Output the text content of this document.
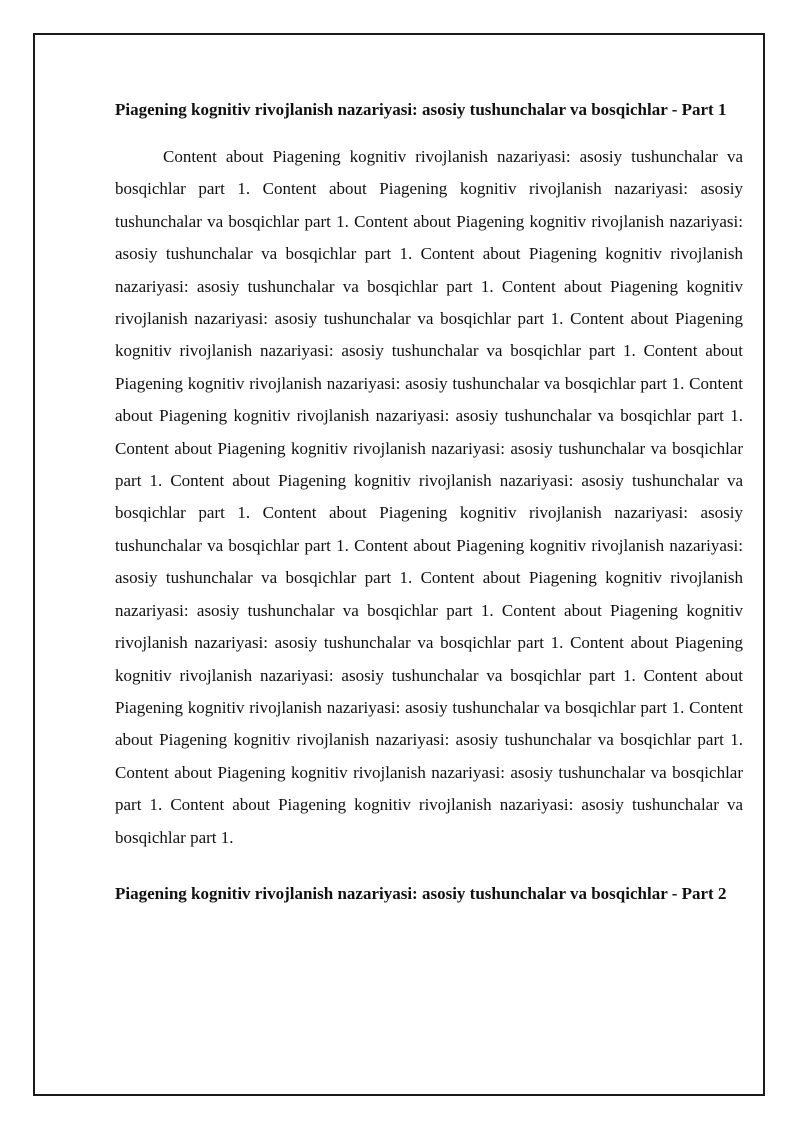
Piagening kognitiv rivojlanish nazariyasi: asosiy tushunchalar va bosqichlar - Part 1

Content about Piagening kognitiv rivojlanish nazariyasi: asosiy tushunchalar va bosqichlar part 1. Content about Piagening kognitiv rivojlanish nazariyasi: asosiy tushunchalar va bosqichlar part 1. Content about Piagening kognitiv rivojlanish nazariyasi: asosiy tushunchalar va bosqichlar part 1. Content about Piagening kognitiv rivojlanish nazariyasi: asosiy tushunchalar va bosqichlar part 1. Content about Piagening kognitiv rivojlanish nazariyasi: asosiy tushunchalar va bosqichlar part 1. Content about Piagening kognitiv rivojlanish nazariyasi: asosiy tushunchalar va bosqichlar part 1. Content about Piagening kognitiv rivojlanish nazariyasi: asosiy tushunchalar va bosqichlar part 1. Content about Piagening kognitiv rivojlanish nazariyasi: asosiy tushunchalar va bosqichlar part 1. Content about Piagening kognitiv rivojlanish nazariyasi: asosiy tushunchalar va bosqichlar part 1. Content about Piagening kognitiv rivojlanish nazariyasi: asosiy tushunchalar va bosqichlar part 1. Content about Piagening kognitiv rivojlanish nazariyasi: asosiy tushunchalar va bosqichlar part 1. Content about Piagening kognitiv rivojlanish nazariyasi: asosiy tushunchalar va bosqichlar part 1. Content about Piagening kognitiv rivojlanish nazariyasi: asosiy tushunchalar va bosqichlar part 1. Content about Piagening kognitiv rivojlanish nazariyasi: asosiy tushunchalar va bosqichlar part 1. Content about Piagening kognitiv rivojlanish nazariyasi: asosiy tushunchalar va bosqichlar part 1. Content about Piagening kognitiv rivojlanish nazariyasi: asosiy tushunchalar va bosqichlar part 1. Content about Piagening kognitiv rivojlanish nazariyasi: asosiy tushunchalar va bosqichlar part 1. Content about Piagening kognitiv rivojlanish nazariyasi: asosiy tushunchalar va bosqichlar part 1. Content about Piagening kognitiv rivojlanish nazariyasi: asosiy tushunchalar va bosqichlar part 1.

Piagening kognitiv rivojlanish nazariyasi: asosiy tushunchalar va bosqichlar - Part 2
